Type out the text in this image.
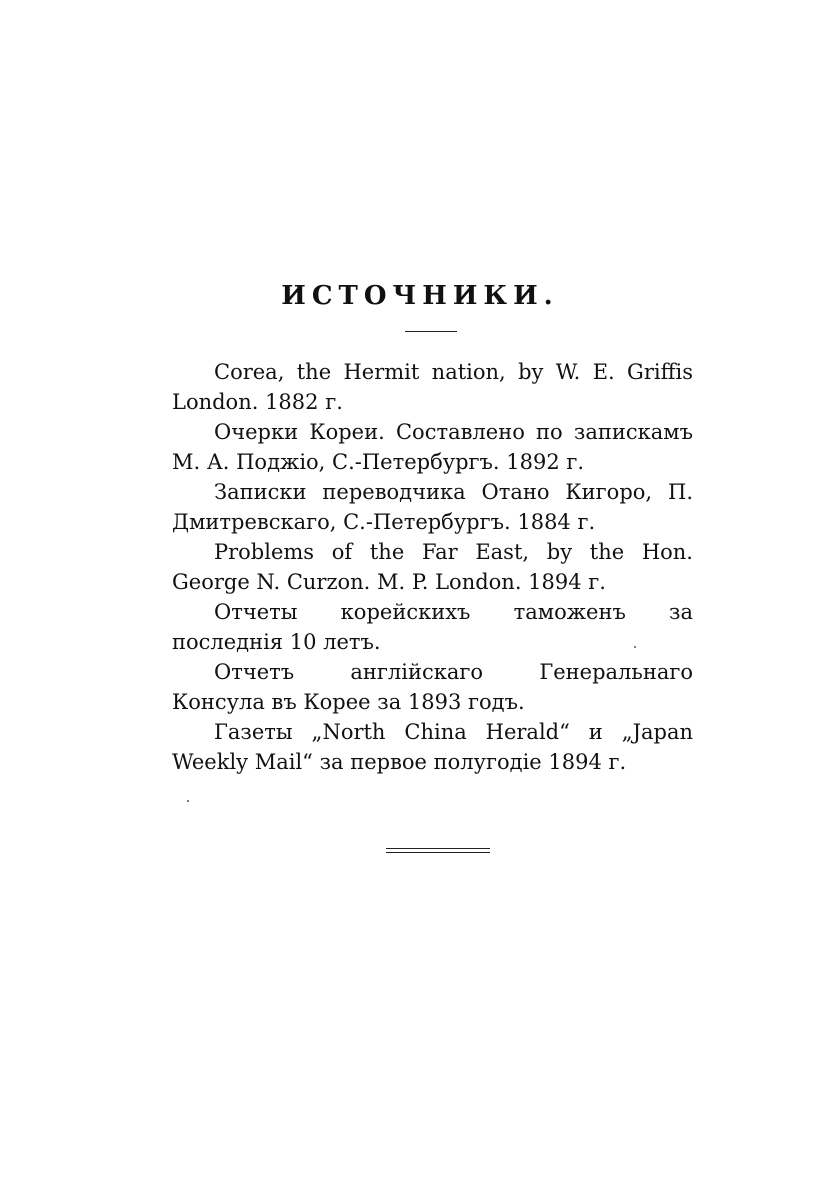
ИСТОЧНИКИ.

Corea, the Hermit nation, by W. E. Griffis London. 1882 г.

Очерки Кореи. Составлено по запискамъ М. А. Поджіо, С.-Петербургъ. 1892 г.

Записки переводчика Отано Кигоро, П. Дмитревскаго, С.-Петербургъ. 1884 г.

Problems of the Far East, by the Hon. George N. Curzon. M. P. London. 1894 г.

Отчеты корейскихъ таможенъ за последнія 10 летъ.

Отчетъ англійскаго Генеральнаго Консула въ Корее за 1893 годъ.

Газеты „North China Herald“ и „Japan Weekly Mail“ за первое полугодіе 1894 г.
